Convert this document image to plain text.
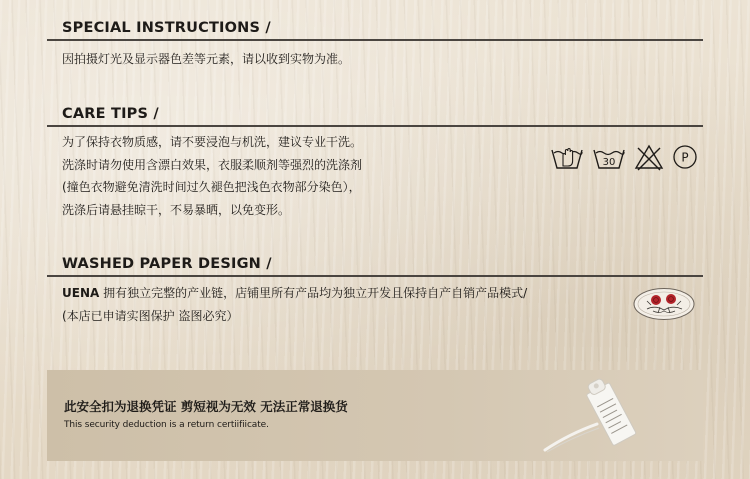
SPECIAL INSTRUCTIONS /
因拍摄灯光及显示器色差等元素，请以收到实物为准。
CARE TIPS /
为了保持衣物质感，请不要浸泡与机洗，建议专业干洗。
洗涤时请勿使用含漂白效果，衣服柔顺剂等强烈的洗涤剂
(撞色衣物避免清洗时间过久褪色把浅色衣物部分染色），
洗涤后请悬挂晾干，不易暴晒，以免变形。
30	P
WASHED PAPER DESIGN /
UENA 拥有独立完整的产业链，店铺里所有产品均为独立开发且保持自产自销产品模式/
(本店已申请实图保护 盗图必究）
此安全扣为退换凭证 剪短视为无效 无法正常退换货
This security deduction is a return certiifiicate.
